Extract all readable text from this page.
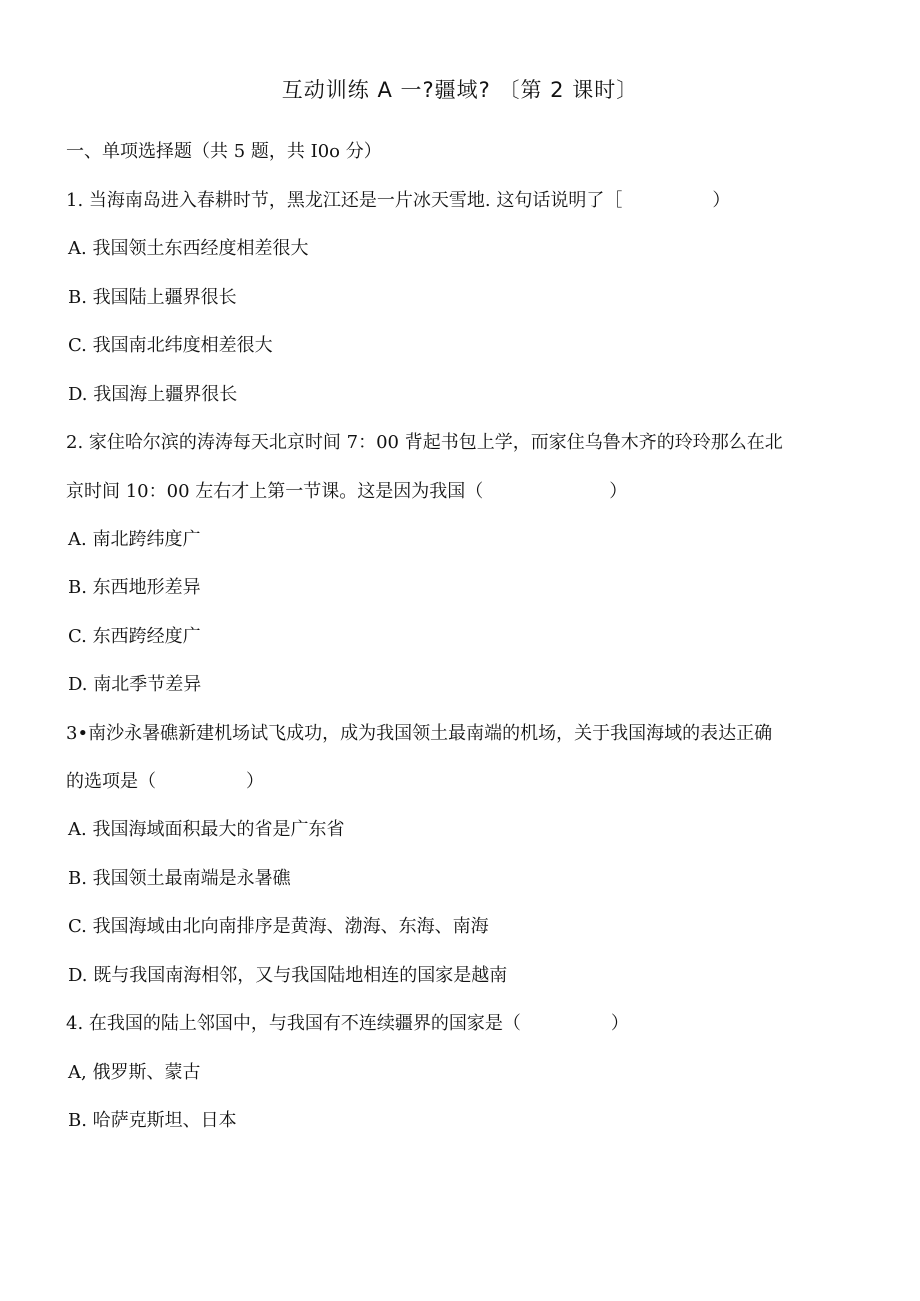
互动训练 A 一?疆域? 〔第 2 课时〕
一、单项选择题（共 5 题，共 I0o 分）
1. 当海南岛进入春耕时节，黑龙江还是一片冰天雪地. 这句话说明了［　　　　　）
A. 我国领土东西经度相差很大
B. 我国陆上疆界很长
C. 我国南北纬度相差很大
D. 我国海上疆界很长
2. 家住哈尔滨的涛涛每天北京时间 7：00 背起书包上学，而家住乌鲁木齐的玲玲那么在北
京时间 10：00 左右才上第一节课。这是因为我国（　　　　　　　）
A. 南北跨纬度广
B. 东西地形差异
C. 东西跨经度广
D. 南北季节差异
3•南沙永暑礁新建机场试飞成功，成为我国领土最南端的机场，关于我国海域的表达正确
的选项是（　　　　　）
A. 我国海域面积最大的省是广东省
B. 我国领土最南端是永暑礁
C. 我国海域由北向南排序是黄海、渤海、东海、南海
D. 既与我国南海相邻，又与我国陆地相连的国家是越南
4. 在我国的陆上邻国中，与我国有不连续疆界的国家是（　　　　　）
A, 俄罗斯、蒙古
B. 哈萨克斯坦、日本
